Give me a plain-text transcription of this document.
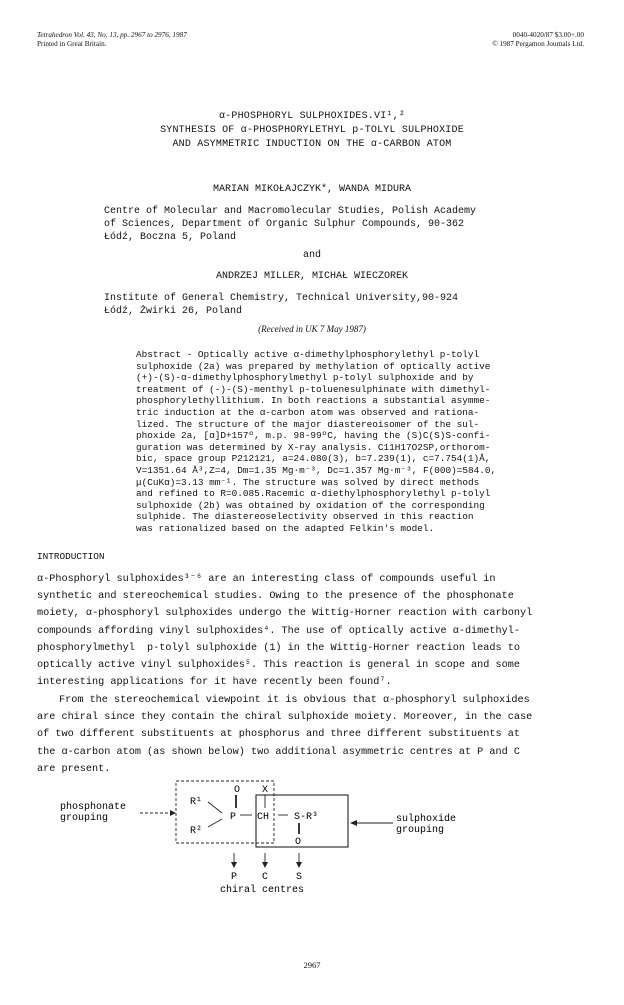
Tetrahedron Vol. 43, No. 13, pp. 2967 to 2976, 1987
Printed in Great Britain.
0040-4020/87 $3.00+.00
© 1987 Pergamon Journals Ltd.
α-PHOSPHORYL SULPHOXIDES.VI¹,²
SYNTHESIS OF α-PHOSPHORYLETHYL p-TOLYL SULPHOXIDE
AND ASYMMETRIC INDUCTION ON THE α-CARBON ATOM
MARIAN MIKOŁAJCZYK*, WANDA MIDURA
Centre of Molecular and Macromolecular Studies, Polish Academy
of Sciences, Department of Organic Sulphur Compounds, 90-362
Łódź, Boczna 5, Poland
and
ANDRZEJ MILLER, MICHAŁ WIECZOREK
Institute of General Chemistry, Technical University,90-924
Łódź, Żwirki 26, Poland
(Received in UK 7 May 1987)
Abstract - Optically active α-dimethylphosphorylethyl p-tolyl
sulphoxide (2a) was prepared by methylation of optically active
(+)-(S)-α-dimethylphosphorylmethyl p-tolyl sulphoxide and by
treatment of (-)-(S)-menthyl p-toluenesulphinate with dimethyl-
phosphorylethyllithium. In both reactions a substantial asymme-
tric induction at the α-carbon atom was observed and rationa-
lized. The structure of the major diastereoisomer of the sul-
phoxide 2a, [α]D+157º, m.p. 98-99ºC, having the (S)C(S)S-confi-
guration was determined by X-ray analysis. C11H17O2SP,orthorom-
bic, space group P212121, a=24.080(3), b=7.239(1), c=7.754(1)Å,
V=1351.64 Å³,Z=4, Dm=1.35 Mg·m⁻³, Dc=1.357 Mg·m⁻³, F(000)=584.0,
μ(CuKα)=3.13 mm⁻¹. The structure was solved by direct methods
and refined to R=0.085.Racemic α-diethylphosphorylethyl p-tolyl
sulphoxide (2b) was obtained by oxidation of the corresponding
sulphide. The diastereoselectivity observed in this reaction
was rationalized based on the adapted Felkin's model.
INTRODUCTION
α-Phosphoryl sulphoxides³⁻⁶ are an interesting class of compounds useful in
synthetic and stereochemical studies. Owing to the presence of the phosphonate
moiety, α-phosphoryl sulphoxides undergo the Wittig-Horner reaction with carbonyl
compounds affording vinyl sulphoxides⁴. The use of optically active α-dimethyl-
phosphorylmethyl  p-tolyl sulphoxide (1) in the Wittig-Horner reaction leads to
optically active vinyl sulphoxides⁵. This reaction is general in scope and some
interesting applications for it have recently been found⁷.
From the stereochemical viewpoint it is obvious that α-phosphoryl sulphoxides
are chiral since they contain the chiral sulphoxide moiety. Moreover, in the case
of two different substituents at phosphorus and three different substituents at
the α-carbon atom (as shown below) two additional asymmetric centres at P and C
are present.
phosphonate
grouping
R¹
R²
O
P
X
CH S-R³
O
sulphoxide
grouping
P C	S
chiral centres
2967
